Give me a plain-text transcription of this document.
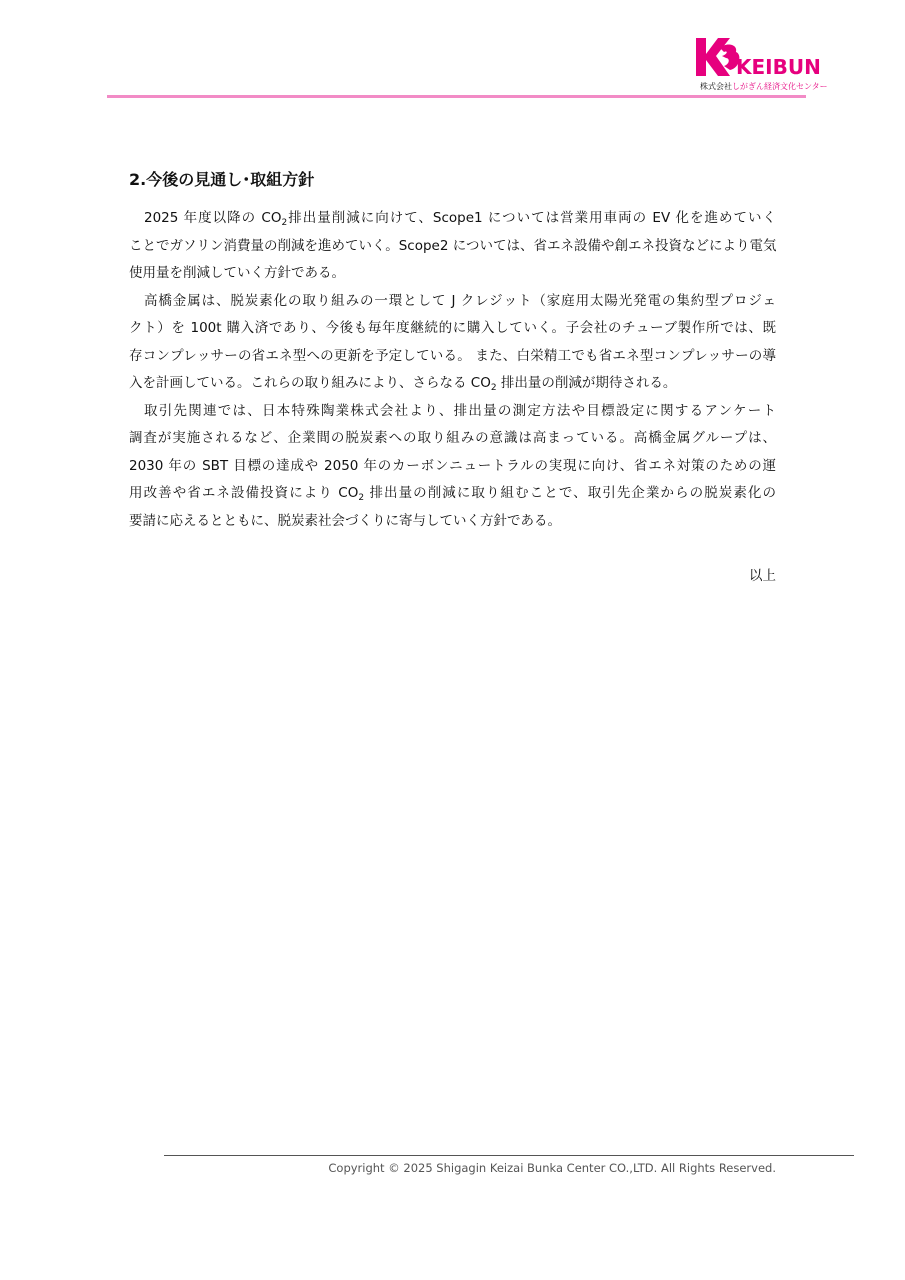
KEIBUN
株式会社しがぎん経済文化センター
2.今後の見通し･取組方針
2025 年度以降の $CO_2$排出量削減に向けて、Scope1 については営業用車両の EV 化を進めていく
ことでガソリン消費量の削減を進めていく。Scope2 については、省エネ設備や創エネ投資などにより電気
使用量を削減していく方針である。
高橋金属は、脱炭素化の取り組みの一環として J クレジット（家庭用太陽光発電の集約型プロジェ
クト）を 100t 購入済であり、今後も毎年度継続的に購入していく。子会社のチューブ製作所では、既
存コンプレッサーの省エネ型への更新を予定している。 また、白栄精工でも省エネ型コンプレッサーの導
入を計画している。これらの取り組みにより、さらなる $CO_2$ 排出量の削減が期待される。
取引先関連では、日本特殊陶業株式会社より、排出量の測定方法や目標設定に関するアンケート
調査が実施されるなど、企業間の脱炭素への取り組みの意識は高まっている。高橋金属グループは、
2030 年の SBT 目標の達成や 2050 年のカーボンニュートラルの実現に向け、省エネ対策のための運
用改善や省エネ設備投資により $CO_2$ 排出量の削減に取り組むことで、取引先企業からの脱炭素化の
要請に応えるとともに、脱炭素社会づくりに寄与していく方針である。
以上
Copyright © 2025 Shigagin Keizai Bunka Center CO.,LTD. All Rights Reserved.
